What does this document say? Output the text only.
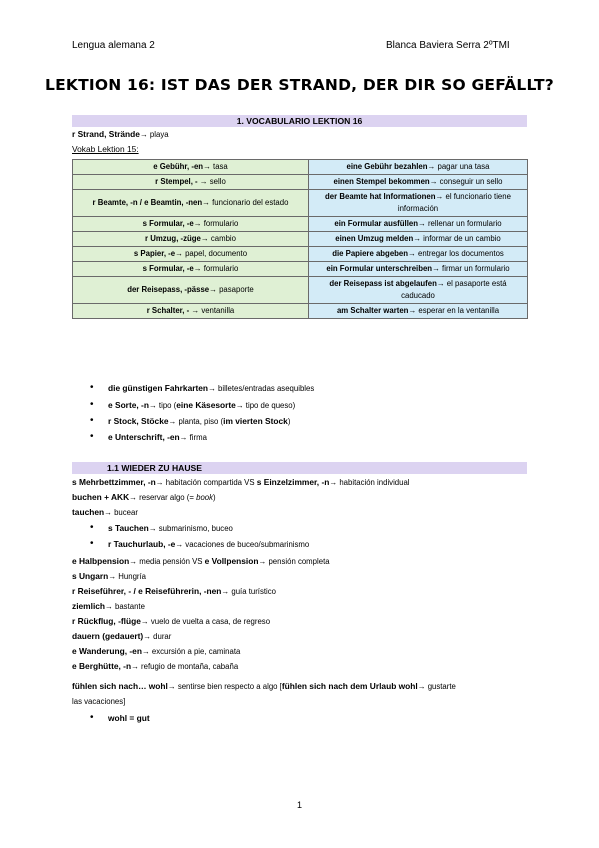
Lengua alemana 2	Blanca Baviera Serra 2ºTMI
LEKTION 16: IST DAS DER STRAND, DER DIR SO GEFÄLLT?
1. VOCABULARIO LEKTION 16
r Strand, Strände→ playa
Vokab Lektion 15:
e Gebühr, -en→ tasa	eine Gebühr bezahlen→ pagar una tasa
r Stempel, - → sello	einen Stempel bekommen→ conseguir un sello
r Beamte, -n / e Beamtin, -nen→ funcionario del estado	der Beamte hat Informationen→ el funcionario tiene información
s Formular, -e→ formulario	ein Formular ausfüllen→ rellenar un formulario
r Umzug, -züge→ cambio	einen Umzug melden→ informar de un cambio
s Papier, -e→ papel, documento	die Papiere abgeben→ entregar los documentos
s Formular, -e→ formulario	ein Formular unterschreiben→ firmar un formulario
der Reisepass, -pässe→ pasaporte	der Reisepass ist abgelaufen→ el pasaporte está caducado
r Schalter, - → ventanilla	am Schalter warten→ esperar en la ventanilla
• die günstigen Fahrkarten→ billetes/entradas asequibles
• e Sorte, -n→ tipo (eine Käsesorte→ tipo de queso)
• r Stock, Stöcke→ planta, piso (im vierten Stock)
• e Unterschrift, -en→ firma
1.1 WIEDER ZU HAUSE
s Mehrbettzimmer, -n→ habitación compartida VS s Einzelzimmer, -n→ habitación individual
buchen + AKK→ reservar algo (= book)
tauchen→ bucear
• s Tauchen→ submarinismo, buceo
• r Tauchurlaub, -e→ vacaciones de buceo/submarinismo
e Halbpension→ media pensión VS e Vollpension→ pensión completa
s Ungarn→ Hungría
r Reiseführer, - / e Reiseführerin, -nen→ guía turístico
ziemlich→ bastante
r Rückflug, -flüge→ vuelo de vuelta a casa, de regreso
dauern (gedauert)→ durar
e Wanderung, -en→ excursión a pie, caminata
e Berghütte, -n→ refugio de montaña, cabaña
fühlen sich nach… wohl→ sentirse bien respecto a algo [fühlen sich nach dem Urlaub wohl→ gustarte
las vacaciones]
• wohl = gut
1
